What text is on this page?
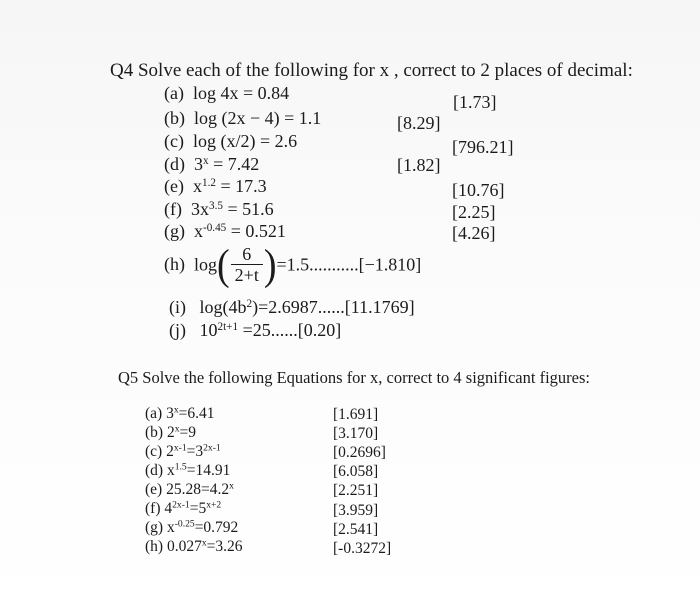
Q4 Solve each of the following for x , correct to 2 places of decimal:
(a) log 4x = 0.84	[1.73]
(b) log (2x − 4) = 1.1	[8.29]
(c) log (x/2) = 2.6	[796.21]
(d) $3^x = 7.42$	[1.82]
(e) $x^{1.2} = 17.3$	[10.76]
(f) $3x^{3.5} = 51.6$	[2.25]
(g) $x^{-0.45} = 0.521$	[4.26]
(h) $\log( \frac{6}{2+t} )=1.5...........[-1.810]$
(i) $\log(4b^2)=2.6987......[11.1769]$
(j) $10^{2t+1} =25......[0.20]$
Q5 Solve the following Equations for x, correct to 4 significant figures:
(a) $3^x=6.41$	[1.691]
(b) $2^x=9$	[3.170]
(c) $2^{x-1}=3^{2x-1}$	[0.2696]
(d) $x^{1.5}=14.91$	[6.058]
(e) $25.28=4.2^x$	[2.251]
(f) $4^{2x-1}=5^{x+2}$	[3.959]
(g) $x^{-0.25}=0.792$	[2.541]
(h) $0.027^x=3.26$	[-0.3272]
